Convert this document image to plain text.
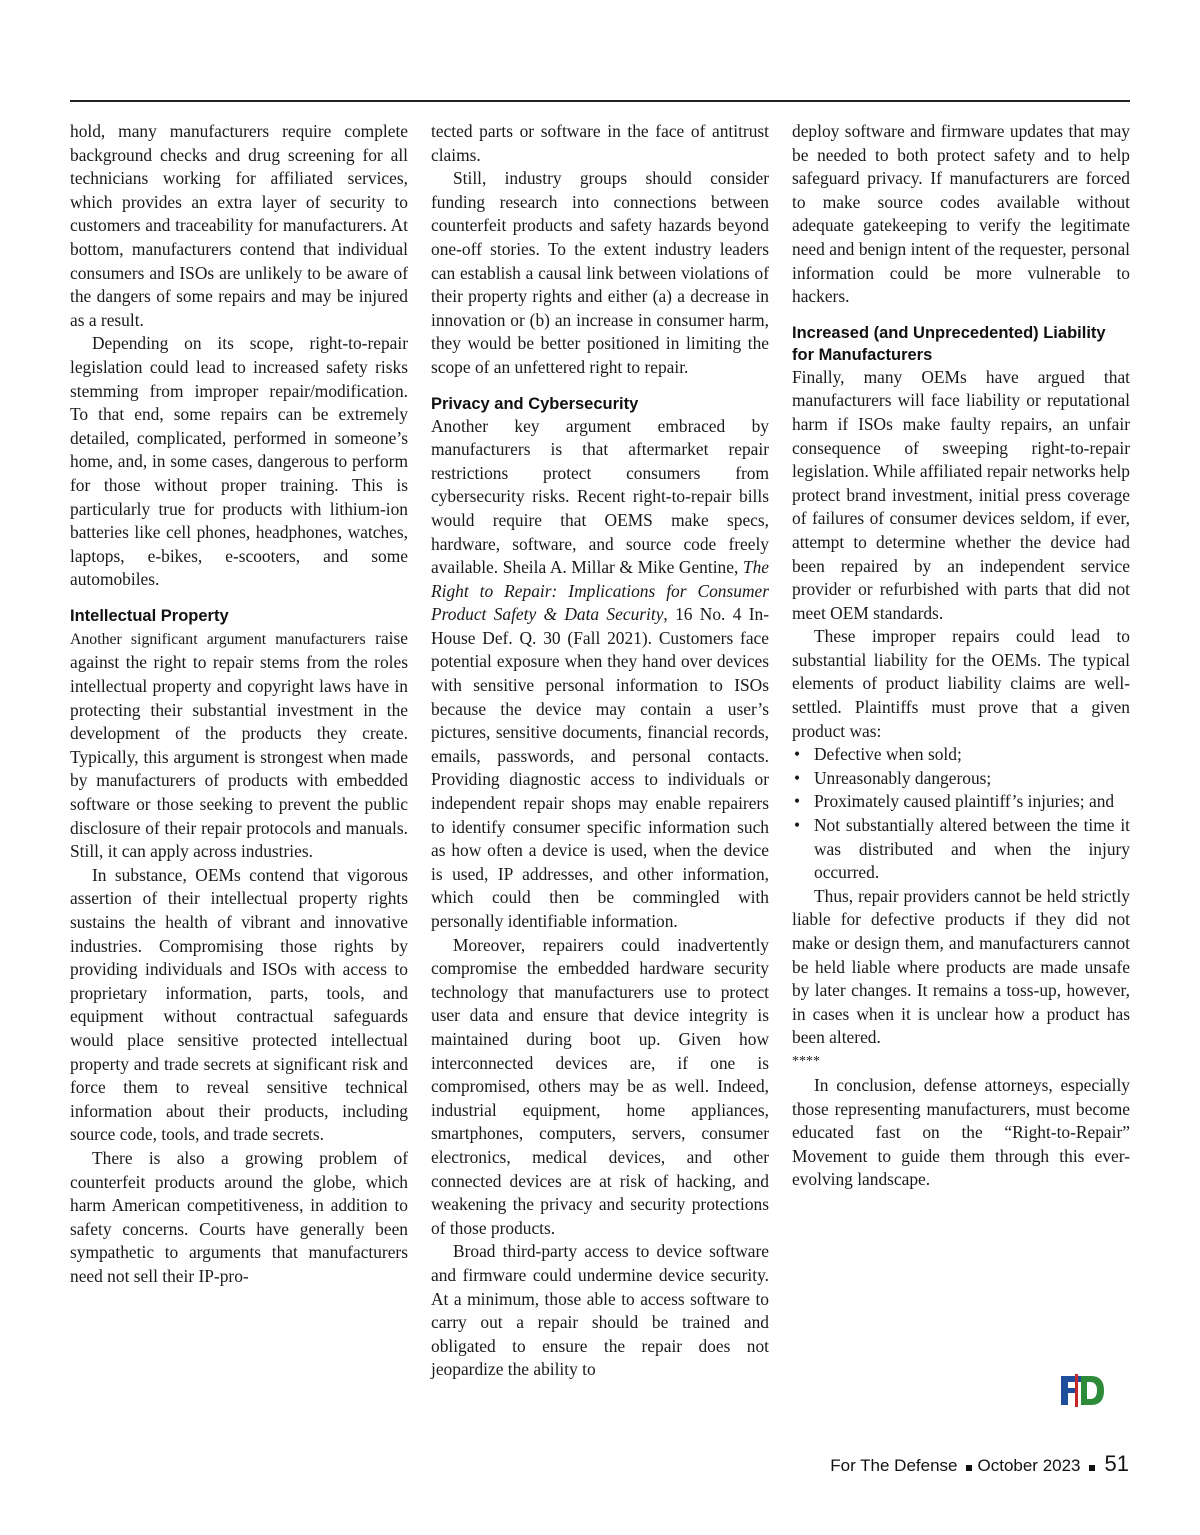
hold, many manufacturers require complete background checks and drug screening for all technicians working for affiliated services, which provides an extra layer of security to customers and traceability for manufacturers. At bottom, manufacturers contend that individual consumers and ISOs are unlikely to be aware of the dangers of some repairs and may be injured as a result.

Depending on its scope, right-to-repair legislation could lead to increased safety risks stemming from improper repair/modification. To that end, some repairs can be extremely detailed, complicated, performed in someone’s home, and, in some cases, dangerous to perform for those without proper training. This is particularly true for products with lithium-ion batteries like cell phones, headphones, watches, laptops, e-bikes, e-scooters, and some automobiles.

Intellectual Property

Another significant argument manufacturers raise against the right to repair stems from the roles intellectual property and copyright laws have in protecting their substantial investment in the development of the products they create. Typically, this argument is strongest when made by manufacturers of products with embedded software or those seeking to prevent the public disclosure of their repair protocols and manuals. Still, it can apply across industries.

In substance, OEMs contend that vigorous assertion of their intellectual property rights sustains the health of vibrant and innovative industries. Compromising those rights by providing individuals and ISOs with access to proprietary information, parts, tools, and equipment without contractual safeguards would place sensitive protected intellectual property and trade secrets at significant risk and force them to reveal sensitive technical information about their products, including source code, tools, and trade secrets.

There is also a growing problem of counterfeit products around the globe, which harm American competitiveness, in addition to safety concerns. Courts have generally been sympathetic to arguments that manufacturers need not sell their IP-pro-

tected parts or software in the face of antitrust claims.

Still, industry groups should consider funding research into connections between counterfeit products and safety hazards beyond one-off stories. To the extent industry leaders can establish a causal link between violations of their property rights and either (a) a decrease in innovation or (b) an increase in consumer harm, they would be better positioned in limiting the scope of an unfettered right to repair.

Privacy and Cybersecurity

Another key argument embraced by manufacturers is that aftermarket repair restrictions protect consumers from cybersecurity risks. Recent right-to-repair bills would require that OEMS make specs, hardware, software, and source code freely available. Sheila A. Millar & Mike Gentine, The Right to Repair: Implications for Consumer Product Safety & Data Security, 16 No. 4 In-House Def. Q. 30 (Fall 2021). Customers face potential exposure when they hand over devices with sensitive personal information to ISOs because the device may contain a user’s pictures, sensitive documents, financial records, emails, passwords, and personal contacts. Providing diagnostic access to individuals or independent repair shops may enable repairers to identify consumer specific information such as how often a device is used, when the device is used, IP addresses, and other information, which could then be commingled with personally identifiable information.

Moreover, repairers could inadvertently compromise the embedded hardware security technology that manufacturers use to protect user data and ensure that device integrity is maintained during boot up. Given how interconnected devices are, if one is compromised, others may be as well. Indeed, industrial equipment, home appliances, smartphones, computers, servers, consumer electronics, medical devices, and other connected devices are at risk of hacking, and weakening the privacy and security protections of those products.

Broad third-party access to device software and firmware could undermine device security. At a minimum, those able to access software to carry out a repair should be trained and obligated to ensure the repair does not jeopardize the ability to

deploy software and firmware updates that may be needed to both protect safety and to help safeguard privacy. If manufacturers are forced to make source codes available without adequate gatekeeping to verify the legitimate need and benign intent of the requester, personal information could be more vulnerable to hackers.

Increased (and Unprecedented) Liability for Manufacturers

Finally, many OEMs have argued that manufacturers will face liability or reputational harm if ISOs make faulty repairs, an unfair consequence of sweeping right-to-repair legislation. While affiliated repair networks help protect brand investment, initial press coverage of failures of consumer devices seldom, if ever, attempt to determine whether the device had been repaired by an independent service provider or refurbished with parts that did not meet OEM standards.

These improper repairs could lead to substantial liability for the OEMs. The typical elements of product liability claims are well-settled. Plaintiffs must prove that a given product was:

• Defective when sold;
• Unreasonably dangerous;
• Proximately caused plaintiff’s injuries; and
• Not substantially altered between the time it was distributed and when the injury occurred.

Thus, repair providers cannot be held strictly liable for defective products if they did not make or design them, and manufacturers cannot be held liable where products are made unsafe by later changes. It remains a toss-up, however, in cases when it is unclear how a product has been altered.

****

In conclusion, defense attorneys, especially those representing manufacturers, must become educated fast on the “Right-to-Repair” Movement to guide them through this ever-evolving landscape.

For The Defense October 2023 51
